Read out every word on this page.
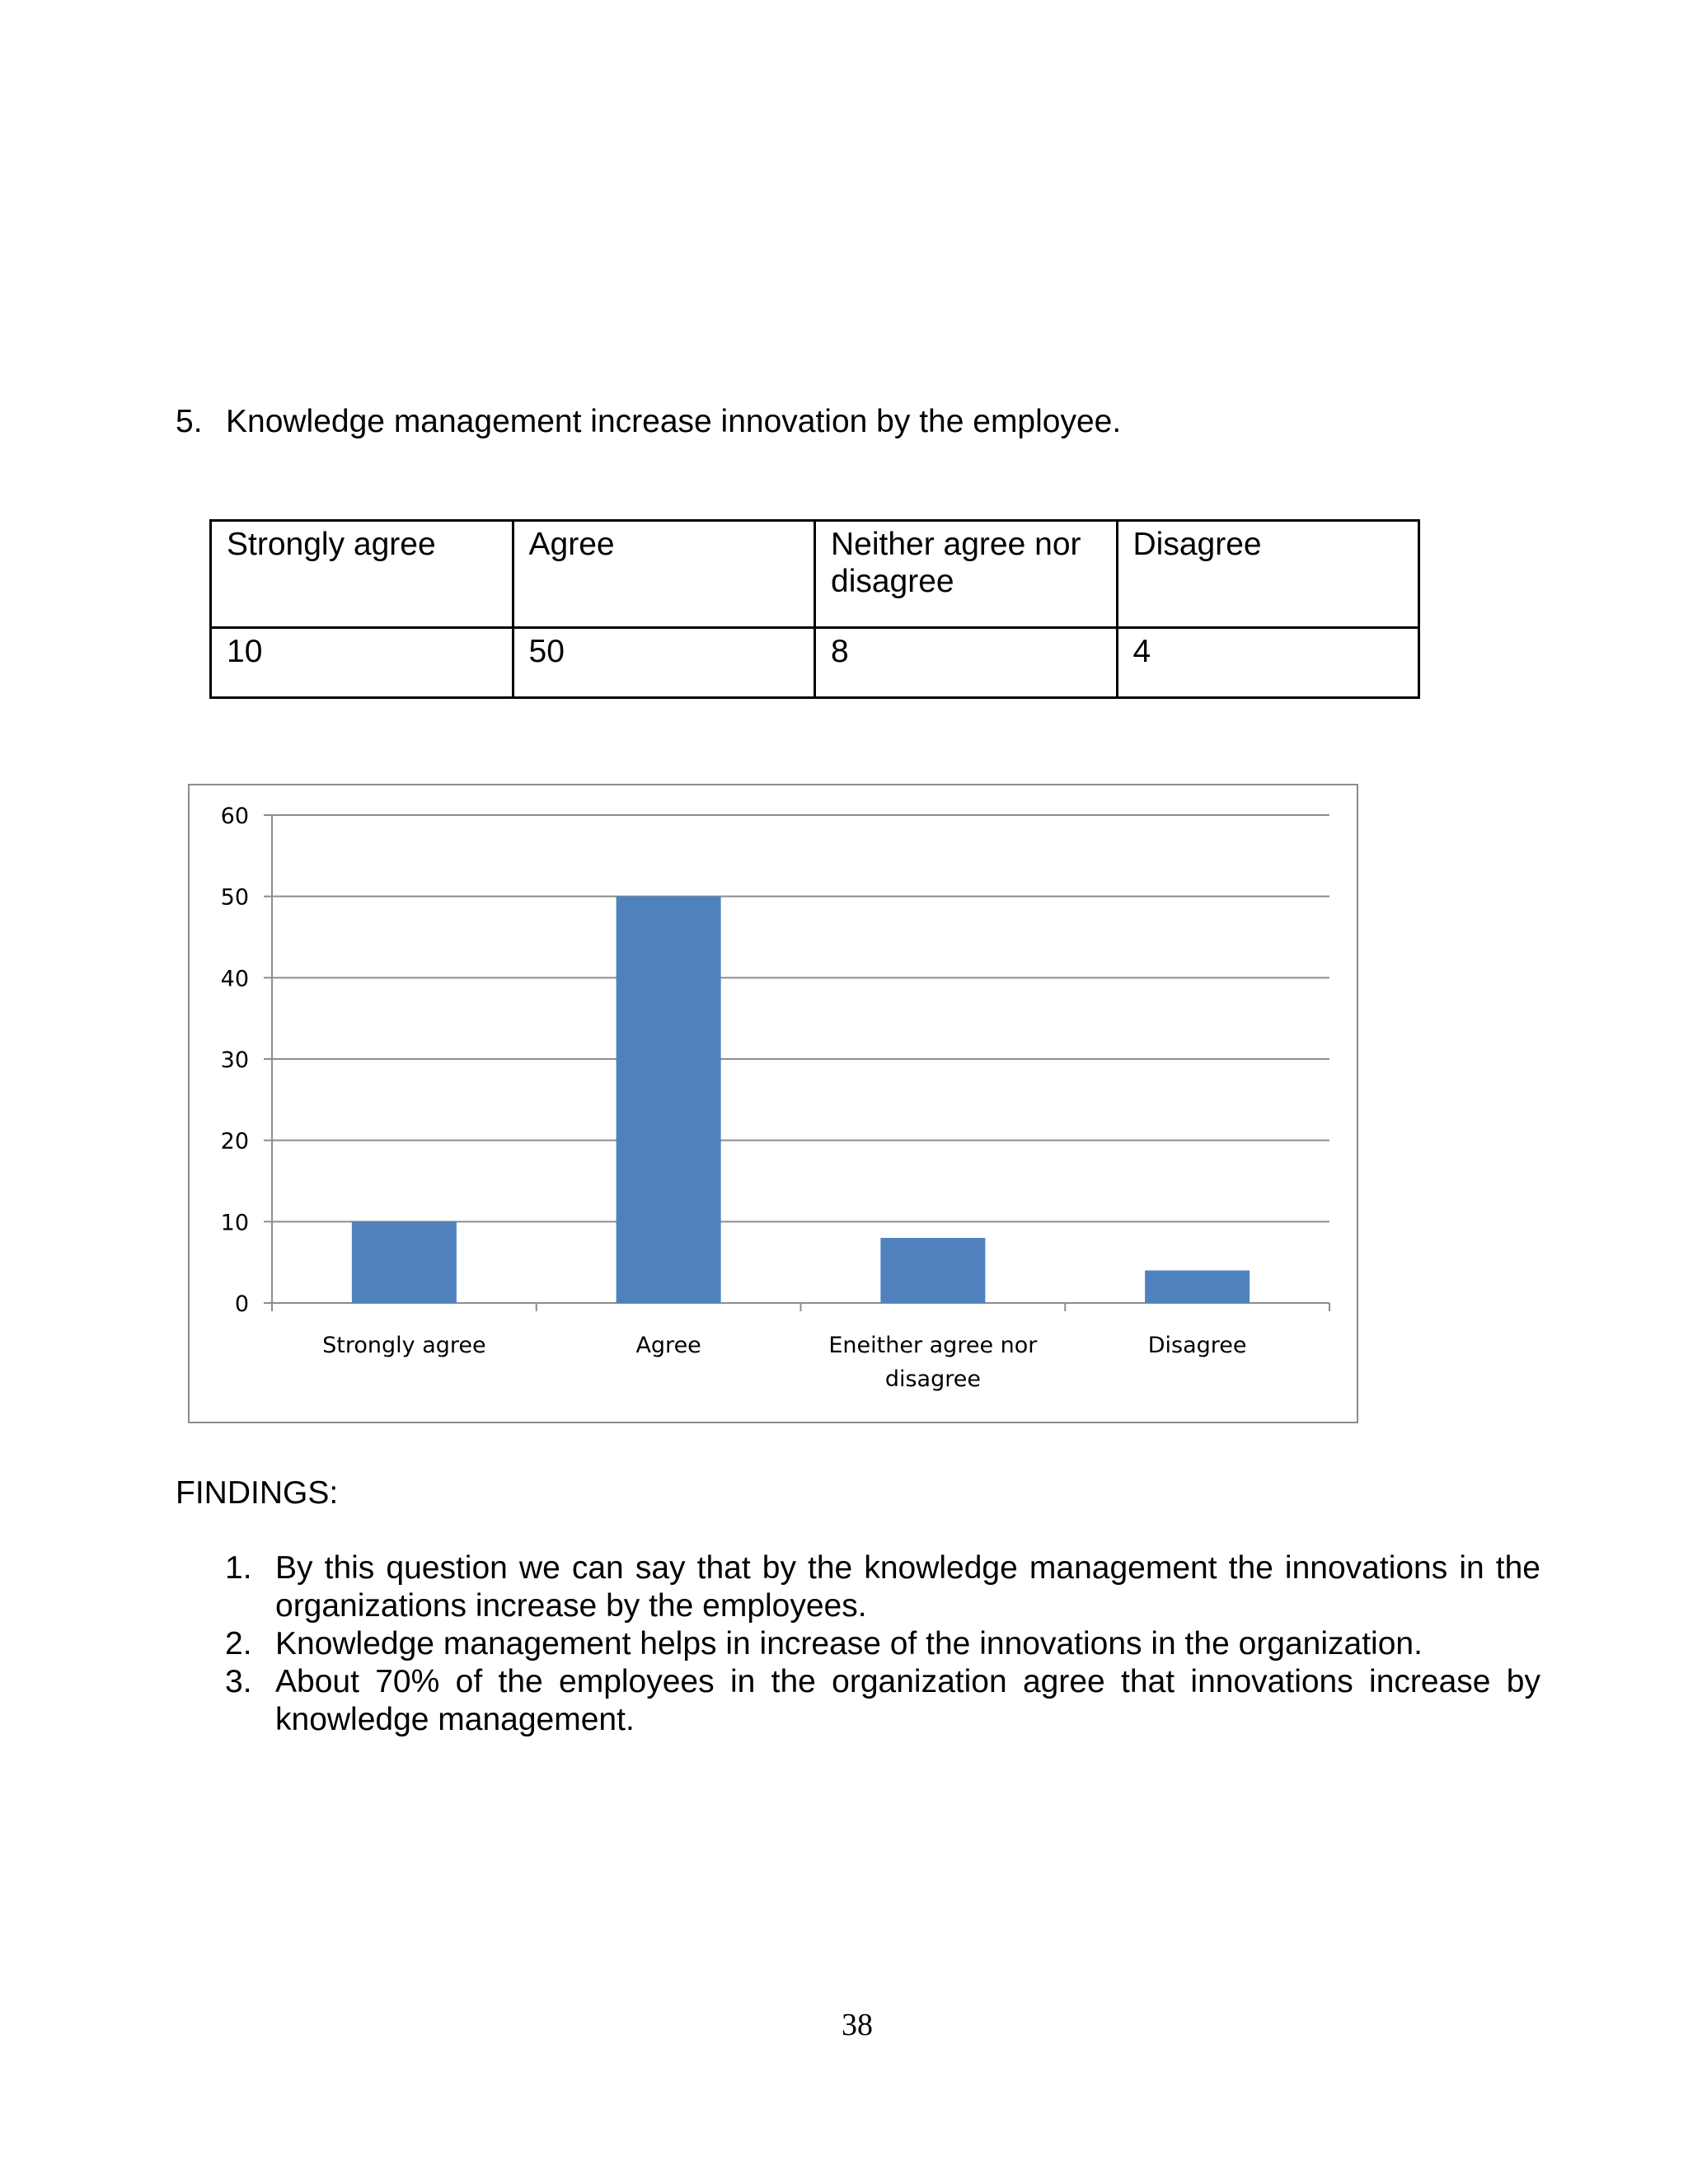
5. Knowledge management increase innovation by the employee.
Strongly agree	Agree	Neither agree nor disagree	Disagree
10	50	8	4
0
10
20
30
40
50
60
Strongly agree	Agree	Eneither agree nor disagree
Disagree
FINDINGS:
1. By this question we can say that by the knowledge management the innovations in the organizations increase by the employees.
2. Knowledge management helps in increase of the innovations in the organization.
3. About 70% of the employees in the organization agree that innovations increase by knowledge management.
38
